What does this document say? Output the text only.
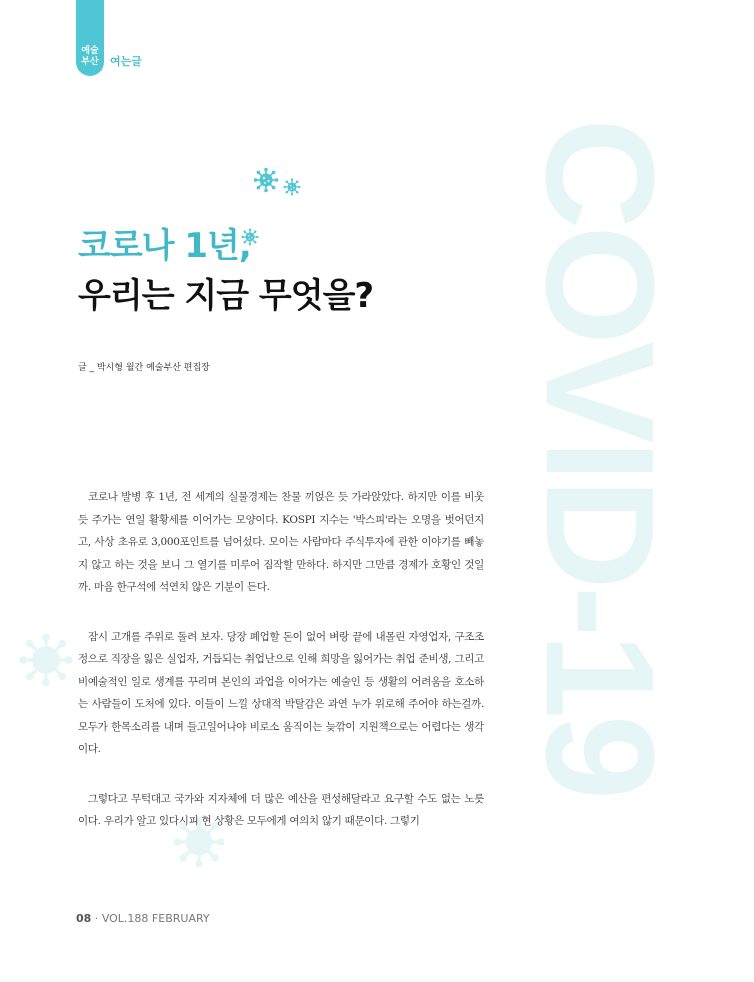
예술
부산	여는글
COVID-19
코로나 1년,
우리는 지금 무엇을?
글 _ 박시형 월간 예술부산 편집장

코로나 발병 후 1년, 전 세계의 실물경제는 찬물 끼얹은 듯 가라앉았다. 하지만 이를 비웃듯 주가는 연일 활황세를 이어가는 모양이다. KOSPI 지수는 '박스피'라는 오명을 벗어던지고, 사상 초유로 3,000포인트를 넘어섰다. 모이는 사람마다 주식투자에 관한 이야기를 빼놓지 않고 하는 것을 보니 그 열기를 미루어 짐작할 만하다. 하지만 그만큼 경제가 호황인 것일까. 마음 한구석에 석연치 않은 기분이 든다.

잠시 고개를 주위로 돌려 보자. 당장 폐업할 돈이 없어 벼랑 끝에 내몰린 자영업자, 구조조정으로 직장을 잃은 실업자, 거듭되는 취업난으로 인해 희망을 잃어가는 취업 준비생, 그리고 비예술적인 일로 생계를 꾸리며 본인의 과업을 이어가는 예술인 등 생활의 어려움을 호소하는 사람들이 도처에 있다. 이들이 느낄 상대적 박탈감은 과연 누가 위로해 주어야 하는걸까. 모두가 한목소리를 내며 들고일어나야 비로소 움직이는 늦깎이 지원책으로는 어렵다는 생각이다.

그렇다고 무턱대고 국가와 지자체에 더 많은 예산을 편성해달라고 요구할 수도 없는 노릇이다. 우리가 알고 있다시피 현 상황은 모두에게 여의치 않기 때문이다. 그렇기

08 · VOL.188 FEBRUARY
